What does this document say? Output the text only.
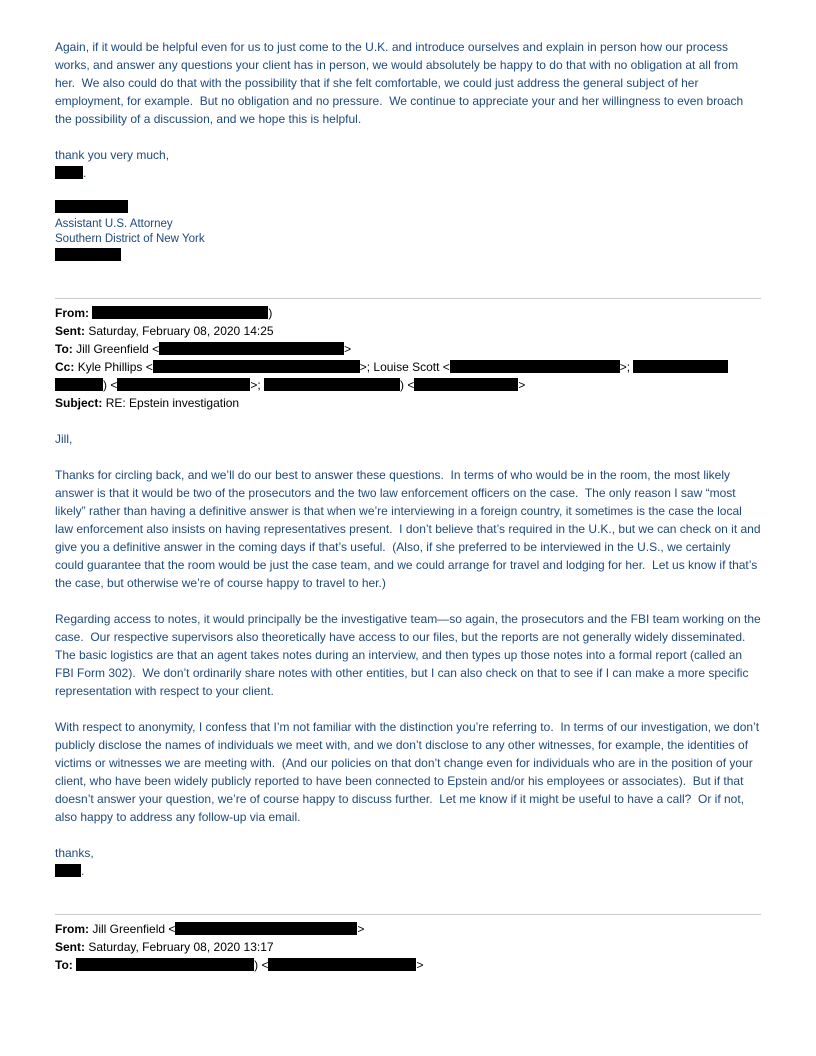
Again, if it would be helpful even for us to just come to the U.K. and introduce ourselves and explain in person how our process works, and answer any questions your client has in person, we would absolutely be happy to do that with no obligation at all from her.  We also could do that with the possibility that if she felt comfortable, we could just address the general subject of her employment, for example.  But no obligation and no pressure.  We continue to appreciate your and her willingness to even broach the possibility of a discussion, and we hope this is helpful.

thank you very much,
.
Assistant U.S. Attorney
Southern District of New York
From:	)
Sent: Saturday, February 08, 2020 14:25
To: Jill Greenfield <	>
Cc: Kyle Phillips <	>; Louise Scott <	>;
) <	>;	) <	>
Subject: RE: Epstein investigation

Jill,

Thanks for circling back, and we’ll do our best to answer these questions.  In terms of who would be in the room, the most likely answer is that it would be two of the prosecutors and the two law enforcement officers on the case.  The only reason I saw “most likely” rather than having a definitive answer is that when we’re interviewing in a foreign country, it sometimes is the case the local law enforcement also insists on having representatives present.  I don’t believe that’s required in the U.K., but we can check on it and give you a definitive answer in the coming days if that’s useful.  (Also, if she preferred to be interviewed in the U.S., we certainly could guarantee that the room would be just the case team, and we could arrange for travel and lodging for her.  Let us know if that’s the case, but otherwise we’re of course happy to travel to her.)

Regarding access to notes, it would principally be the investigative team—so again, the prosecutors and the FBI team working on the case.  Our respective supervisors also theoretically have access to our files, but the reports are not generally widely disseminated.  The basic logistics are that an agent takes notes during an interview, and then types up those notes into a formal report (called an FBI Form 302).  We don’t ordinarily share notes with other entities, but I can also check on that to see if I can make a more specific representation with respect to your client.

With respect to anonymity, I confess that I’m not familiar with the distinction you’re referring to.  In terms of our investigation, we don’t publicly disclose the names of individuals we meet with, and we don’t disclose to any other witnesses, for example, the identities of victims or witnesses we are meeting with.  (And our policies on that don’t change even for individuals who are in the position of your client, who have been widely publicly reported to have been connected to Epstein and/or his employees or associates).  But if that doesn’t answer your question, we’re of course happy to discuss further.  Let me know if it might be useful to have a call?  Or if not, also happy to address any follow-up via email.

thanks,
.
From: Jill Greenfield <	>
Sent: Saturday, February 08, 2020 13:17
To:	) <	>
